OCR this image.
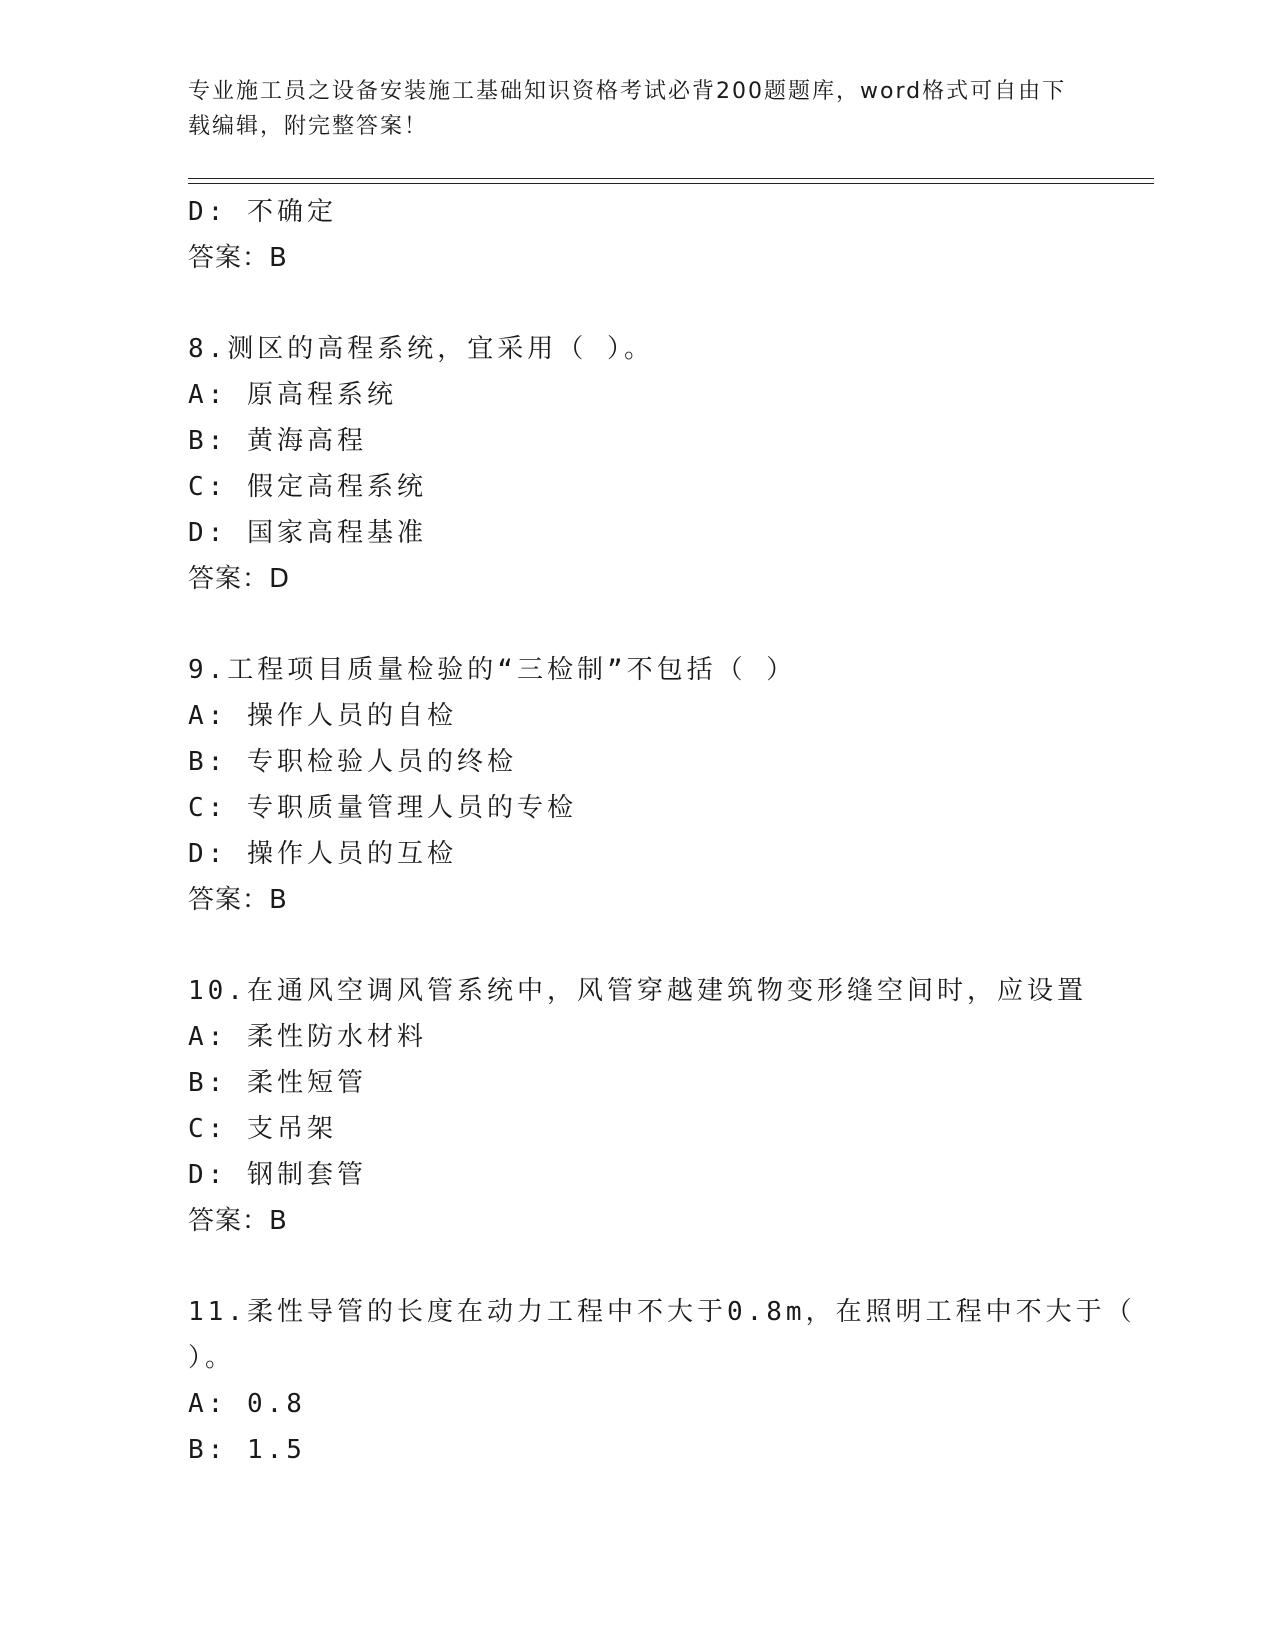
专业施工员之设备安装施工基础知识资格考试必背200题题库，word格式可自由下载编辑，附完整答案！
D: 不确定
答案：B
8.测区的高程系统，宜采用（ ）。
A: 原高程系统
B: 黄海高程
C: 假定高程系统
D: 国家高程基准
答案：D
9.工程项目质量检验的“三检制”不包括（ ）
A: 操作人员的自检
B: 专职检验人员的终检
C: 专职质量管理人员的专检
D: 操作人员的互检
答案：B
10.在通风空调风管系统中，风管穿越建筑物变形缝空间时，应设置
A: 柔性防水材料
B: 柔性短管
C: 支吊架
D: 钢制套管
答案：B
11.柔性导管的长度在动力工程中不大于0.8m，在照明工程中不大于（
）。
A: 0.8
B: 1.5
